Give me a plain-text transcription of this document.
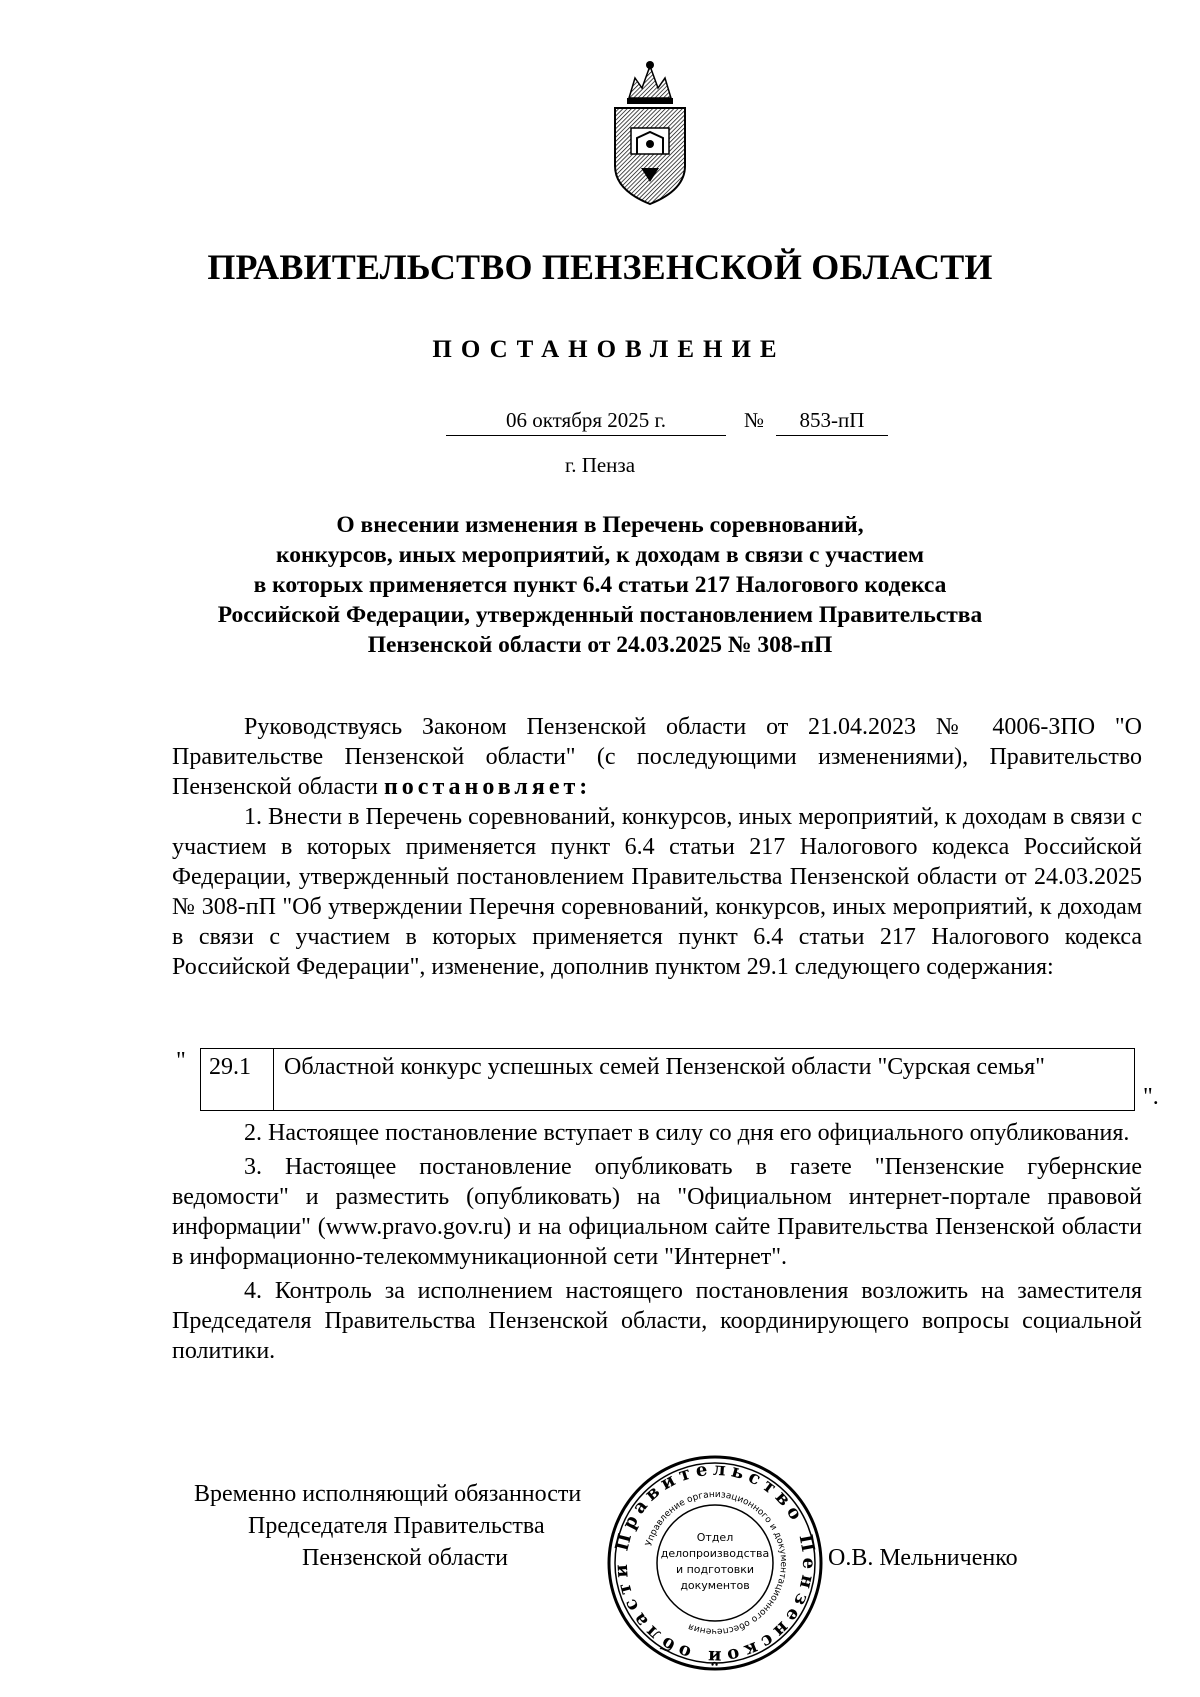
ПРАВИТЕЛЬСТВО ПЕНЗЕНСКОЙ ОБЛАСТИ
ПОСТАНОВЛЕНИЕ
06 октября 2025 г.	№	853-пП
г. Пенза
О внесении изменения в Перечень соревнований,
конкурсов, иных мероприятий, к доходам в связи с участием
в которых применяется пункт 6.4 статьи 217 Налогового кодекса
Российской Федерации, утвержденный постановлением Правительства
Пензенской области от 24.03.2025 № 308-пП

Руководствуясь Законом Пензенской области от 21.04.2023 № 4006-ЗПО "О Правительстве Пензенской области" (с последующими изменениями), Правительство Пензенской области постановляет:

1. Внести в Перечень соревнований, конкурсов, иных мероприятий, к доходам в связи с участием в которых применяется пункт 6.4 статьи 217 Налогового кодекса Российской Федерации, утвержденный постановлением Правительства Пензенской области от 24.03.2025 № 308-пП "Об утверждении Перечня соревнований, конкурсов, иных мероприятий, к доходам в связи с участием в которых применяется пункт 6.4 статьи 217 Налогового кодекса Российской Федерации", изменение, дополнив пунктом 29.1 следующего содержания:

" 29.1	Областной конкурс успешных семей Пензенской области "Сурская семья"
".

2. Настоящее постановление вступает в силу со дня его официального опубликования.

3. Настоящее постановление опубликовать в газете "Пензенские губернские ведомости" и разместить (опубликовать) на "Официальном интернет-портале правовой информации" (www.pravo.gov.ru) и на официальном сайте Правительства Пензенской области в информационно-телекоммуникационной сети "Интернет".

4. Контроль за исполнением настоящего постановления возложить на заместителя Председателя Правительства Пензенской области, координирующего вопросы социальной политики.

Временно исполняющий обязанности
Председателя Правительства
Пензенской области
Правительство Пензенской области
Управление организационного и документационного обеспечения
Отдел
делопроизводства
и подготовки
документов
О.В. Мельниченко
